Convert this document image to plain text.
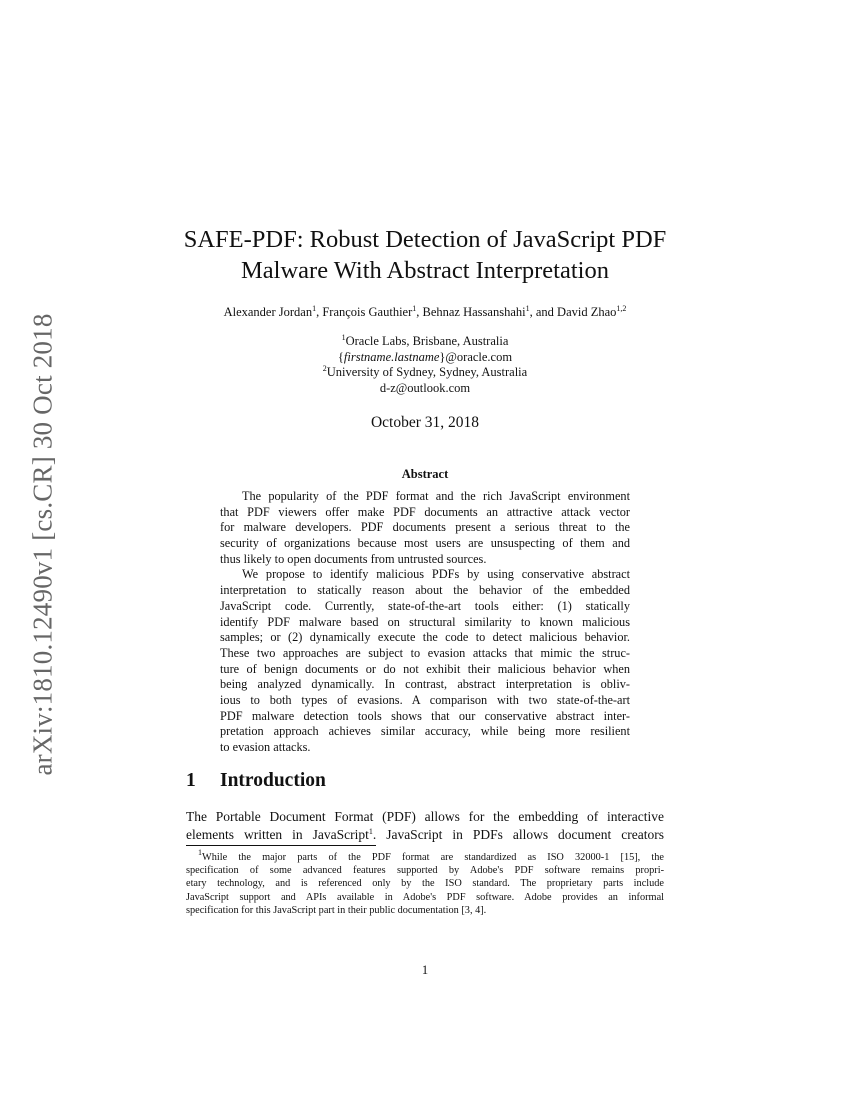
arXiv:1810.12490v1 [cs.CR] 30 Oct 2018
SAFE-PDF: Robust Detection of JavaScript PDF
Malware With Abstract Interpretation
Alexander Jordan$^1$, François Gauthier$^1$, Behnaz Hassanshahi$^1$, and David Zhao$^{1,2}$
$^1$Oracle Labs, Brisbane, Australia
{firstname.lastname}@oracle.com
$^2$University of Sydney, Sydney, Australia
d-z@outlook.com
October 31, 2018
Abstract
The popularity of the PDF format and the rich JavaScript environment
that PDF viewers offer make PDF documents an attractive attack vector
for malware developers. PDF documents present a serious threat to the
security of organizations because most users are unsuspecting of them and
thus likely to open documents from untrusted sources.
We propose to identify malicious PDFs by using conservative abstract
interpretation to statically reason about the behavior of the embedded
JavaScript code. Currently, state-of-the-art tools either: (1) statically
identify PDF malware based on structural similarity to known malicious
samples; or (2) dynamically execute the code to detect malicious behavior.
These two approaches are subject to evasion attacks that mimic the struc-
ture of benign documents or do not exhibit their malicious behavior when
being analyzed dynamically. In contrast, abstract interpretation is obliv-
ious to both types of evasions. A comparison with two state-of-the-art
PDF malware detection tools shows that our conservative abstract inter-
pretation approach achieves similar accuracy, while being more resilient
to evasion attacks.
1 Introduction
The Portable Document Format (PDF) allows for the embedding of interactive
elements written in JavaScript$^1$. JavaScript in PDFs allows document creators
$^1$While the major parts of the PDF format are standardized as ISO 32000-1 [15], the
specification of some advanced features supported by Adobe's PDF software remains propri-
etary technology, and is referenced only by the ISO standard. The proprietary parts include
JavaScript support and APIs available in Adobe's PDF software. Adobe provides an informal
specification for this JavaScript part in their public documentation [3, 4].
1
